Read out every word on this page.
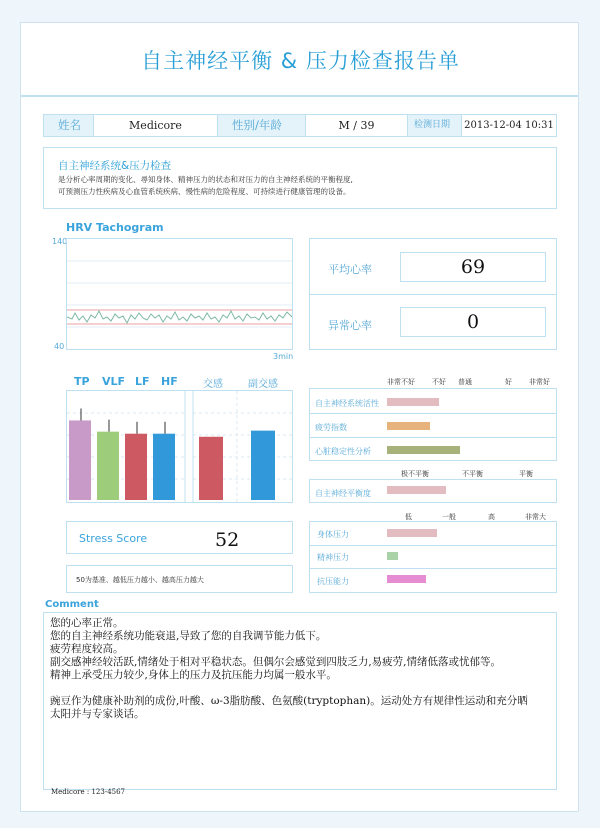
自主神经平衡 & 压力检查报告单
姓名	Medicore	性别/年龄	M / 39	检测日期	2013-12-04 10:31
自主神经系统&压力检查
是分析心率周期的变化、尋知身体、精神压力的状态和对压力的自主神经系统的平衡程度,
可预测压力性疾病及心血管系统疾病、慢性病的危险程度、可持续进行健康管理的设备。
HRV Tachogram
140
40
3min
平均心率	69
异常心率	0
TP VLF LF HF	交感	副交感
Stress Score	52
50为基准、越低压力越小、越高压力越大
非常不好 不好 普通	好 非常好
自主神经系统活性
疲劳指数
心脏稳定性分析
极不平衡	不平衡	平衡
自主神经平衡度
低	一般	高	非常大
身体压力
精神压力
抗压能力
Comment
您的心率正常。
您的自主神经系统功能衰退,导致了您的自我调节能力低下。
疲劳程度较高。
副交感神经较活跃,情绪处于相对平稳状态。但偶尔会感觉到四肢乏力,易疲劳,情绪低落或忧郁等。
精神上承受压力较少,身体上的压力及抗压能力均属一般水平。

豌豆作为健康补助剂的成份,叶酸、ω-3脂肪酸、色氨酸(tryptophan)。运动处方有规律性运动和充分晒
太阳并与专家谈话。
Medicore : 123-4567
